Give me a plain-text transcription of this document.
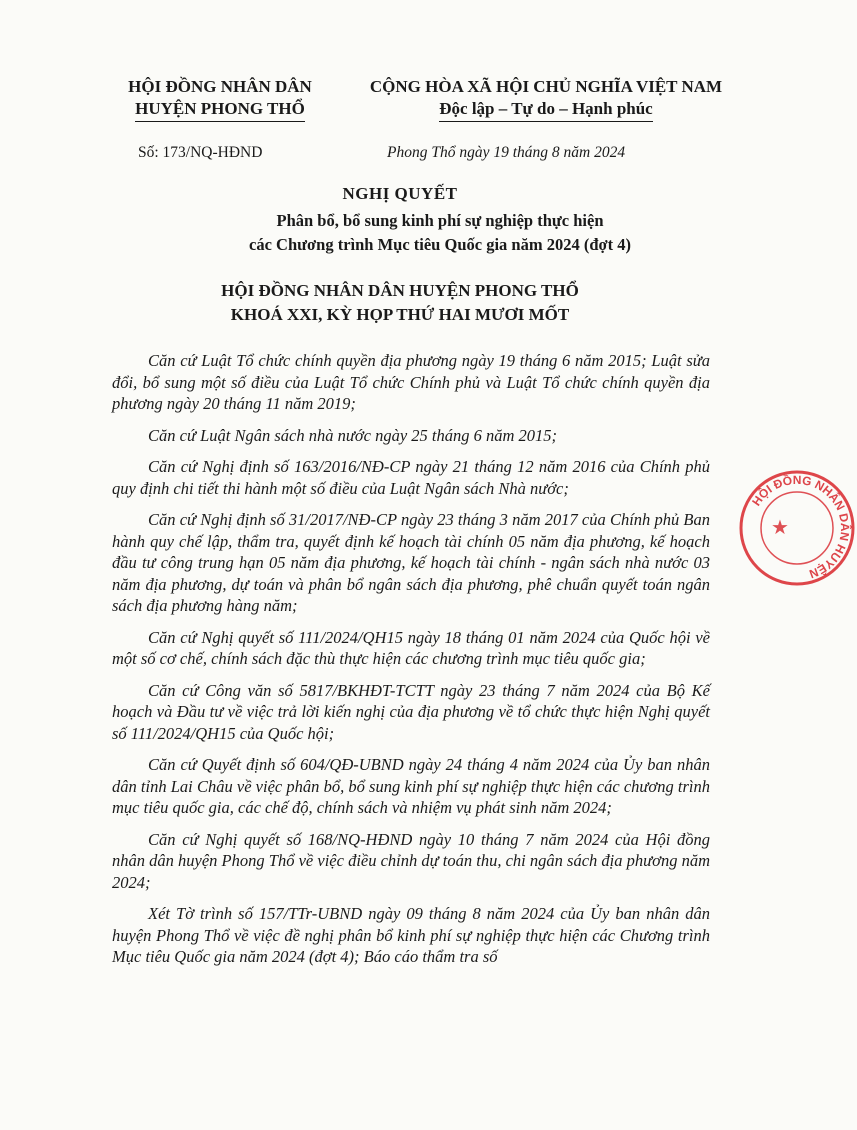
HỘI ĐỒNG NHÂN DÂN
HUYỆN PHONG THỔ
CỘNG HÒA XÃ HỘI CHỦ NGHĨA VIỆT NAM
Độc lập – Tự do – Hạnh phúc
Số: 173/NQ-HĐND	Phong Thổ ngày 19 tháng 8 năm 2024
NGHỊ QUYẾT
Phân bổ, bổ sung kinh phí sự nghiệp thực hiện
các Chương trình Mục tiêu Quốc gia năm 2024 (đợt 4)
HỘI ĐỒNG NHÂN DÂN HUYỆN PHONG THỔ
KHOÁ XXI, KỲ HỌP THỨ HAI MƯƠI MỐT

Căn cứ Luật Tổ chức chính quyền địa phương ngày 19 tháng 6 năm 2015; Luật sửa đổi, bổ sung một số điều của Luật Tổ chức Chính phủ và Luật Tổ chức chính quyền địa phương ngày 20 tháng 11 năm 2019;

Căn cứ Luật Ngân sách nhà nước ngày 25 tháng 6 năm 2015;

Căn cứ Nghị định số 163/2016/NĐ-CP ngày 21 tháng 12 năm 2016 của Chính phủ quy định chi tiết thi hành một số điều của Luật Ngân sách Nhà nước;

Căn cứ Nghị định số 31/2017/NĐ-CP ngày 23 tháng 3 năm 2017 của Chính phủ Ban hành quy chế lập, thẩm tra, quyết định kế hoạch tài chính 05 năm địa phương, kế hoạch đầu tư công trung hạn 05 năm địa phương, kế hoạch tài chính - ngân sách nhà nước 03 năm địa phương, dự toán và phân bổ ngân sách địa phương, phê chuẩn quyết toán ngân sách địa phương hàng năm;

Căn cứ Nghị quyết số 111/2024/QH15 ngày 18 tháng 01 năm 2024 của Quốc hội về một số cơ chế, chính sách đặc thù thực hiện các chương trình mục tiêu quốc gia;

Căn cứ Công văn số 5817/BKHĐT-TCTT ngày 23 tháng 7 năm 2024 của Bộ Kế hoạch và Đầu tư về việc trả lời kiến nghị của địa phương về tổ chức thực hiện Nghị quyết số 111/2024/QH15 của Quốc hội;

Căn cứ Quyết định số 604/QĐ-UBND ngày 24 tháng 4 năm 2024 của Ủy ban nhân dân tỉnh Lai Châu về việc phân bổ, bổ sung kinh phí sự nghiệp thực hiện các chương trình mục tiêu quốc gia, các chế độ, chính sách và nhiệm vụ phát sinh năm 2024;

Căn cứ Nghị quyết số 168/NQ-HĐND ngày 10 tháng 7 năm 2024 của Hội đồng nhân dân huyện Phong Thổ về việc điều chỉnh dự toán thu, chi ngân sách địa phương năm 2024;

Xét Tờ trình số 157/TTr-UBND ngày 09 tháng 8 năm 2024 của Ủy ban nhân dân huyện Phong Thổ về việc đề nghị phân bổ kinh phí sự nghiệp thực hiện các Chương trình Mục tiêu Quốc gia năm 2024 (đợt 4); Báo cáo thẩm tra số

HỘI ĐỒNG NHÂN DÂN HUYỆN
★
